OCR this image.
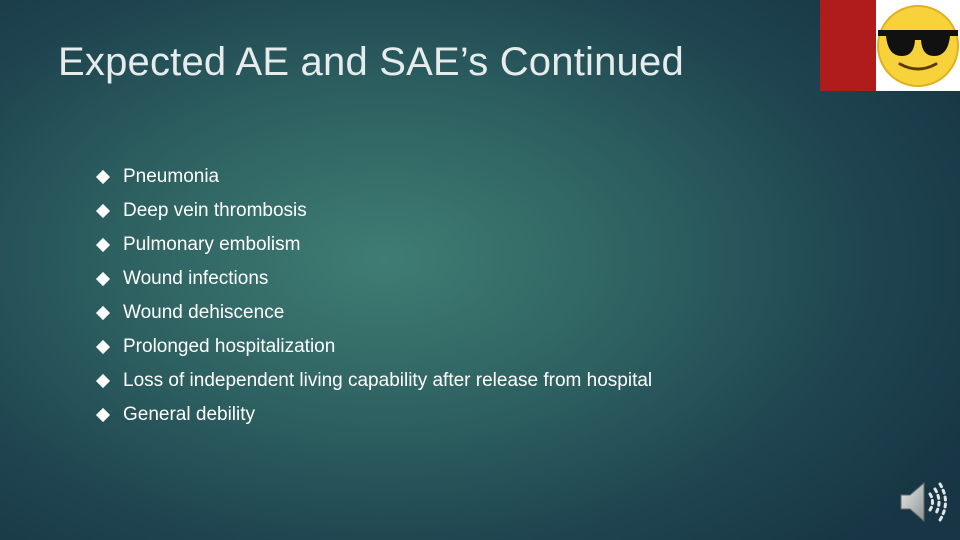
Expected AE and SAE’s Continued
Pneumonia
Deep vein thrombosis
Pulmonary embolism
Wound infections
Wound dehiscence
Prolonged hospitalization
Loss of independent living capability after release from hospital
General debility
